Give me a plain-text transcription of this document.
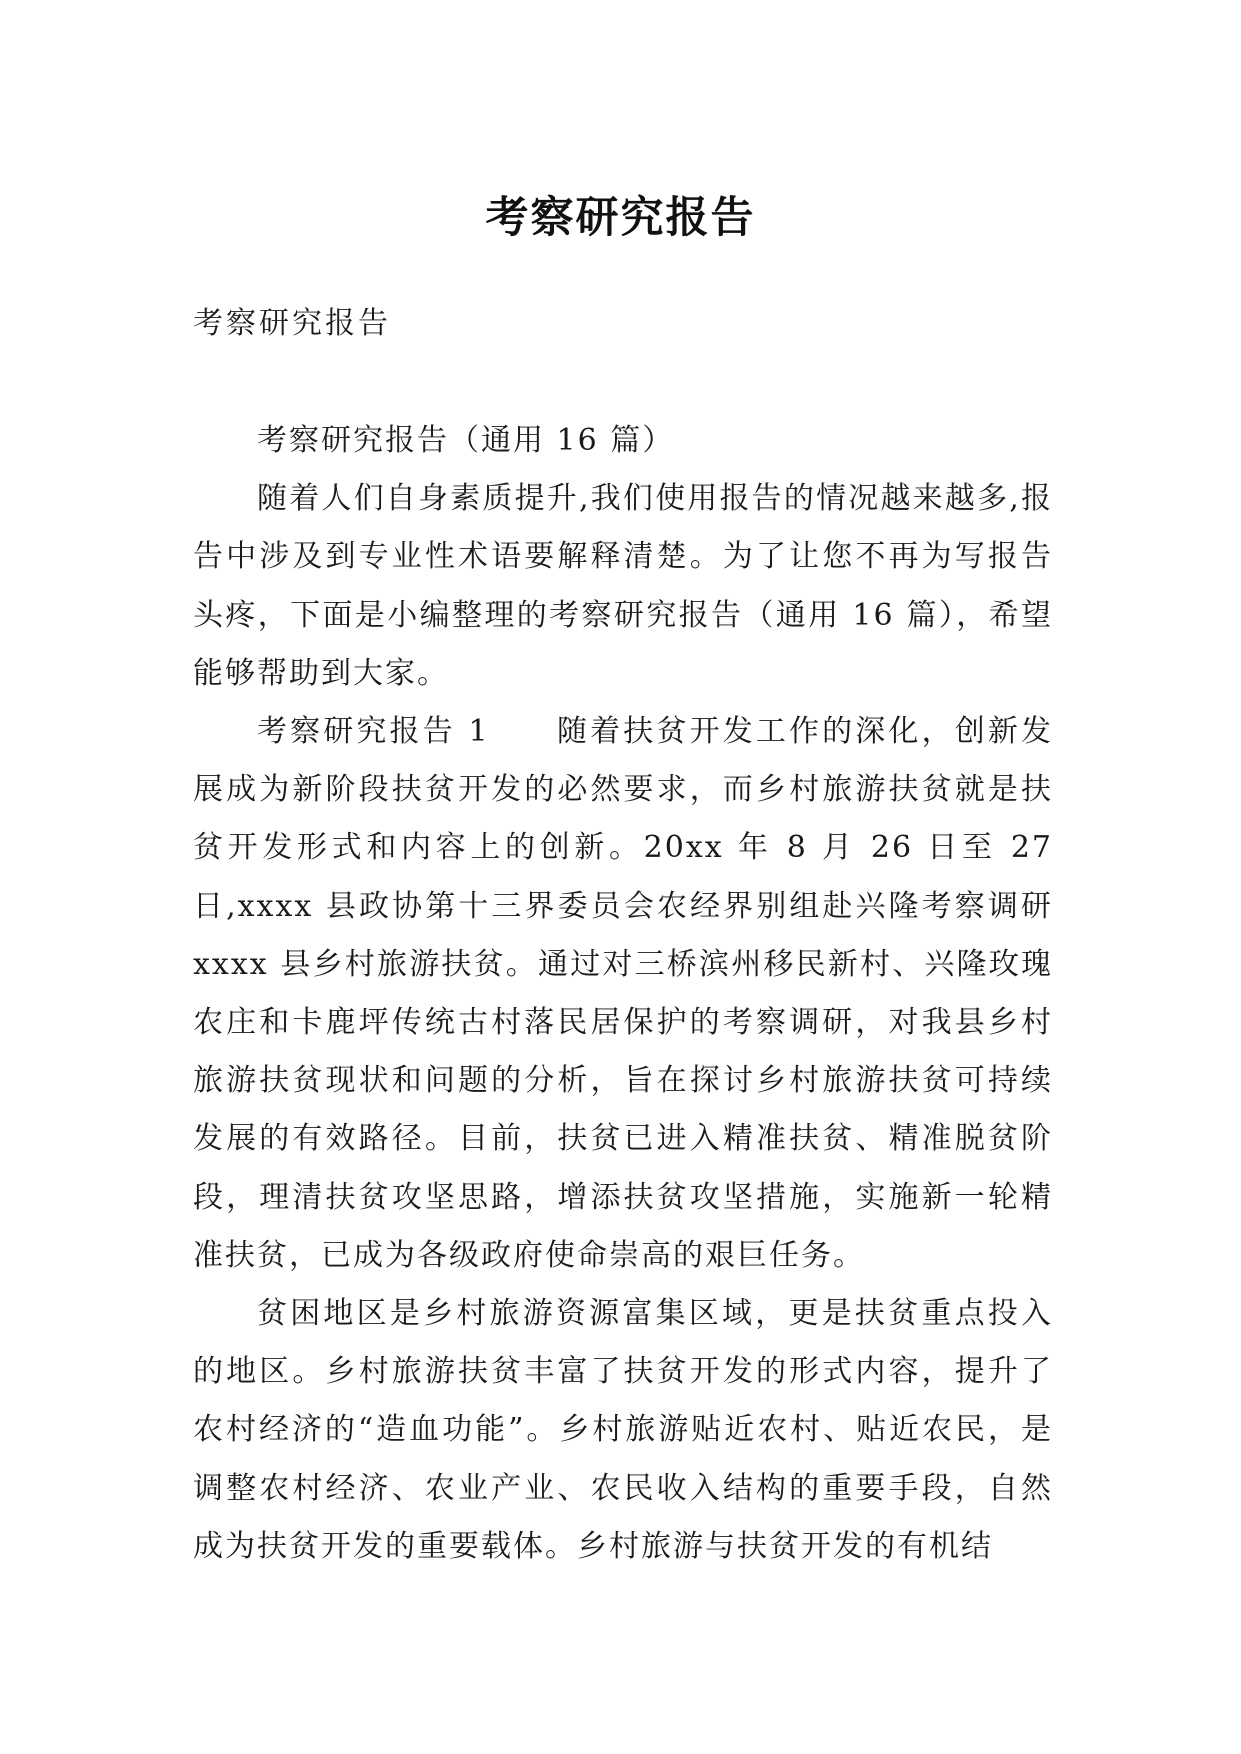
考察研究报告
考察研究报告

考察研究报告（通用 16 篇）

随着人们自身素质提升,我们使用报告的情况越来越多,报告中涉及到专业性术语要解释清楚。为了让您不再为写报告头疼，下面是小编整理的考察研究报告（通用 16 篇），希望能够帮助到大家。

考察研究报告 1　　随着扶贫开发工作的深化，创新发展成为新阶段扶贫开发的必然要求，而乡村旅游扶贫就是扶贫开发形式和内容上的创新。20xx 年 8 月 26 日至 27 日,xxxx 县政协第十三界委员会农经界别组赴兴隆考察调研 xxxx 县乡村旅游扶贫。通过对三桥滨州移民新村、兴隆玫瑰农庄和卡鹿坪传统古村落民居保护的考察调研，对我县乡村旅游扶贫现状和问题的分析，旨在探讨乡村旅游扶贫可持续发展的有效路径。目前，扶贫已进入精准扶贫、精准脱贫阶段，理清扶贫攻坚思路，增添扶贫攻坚措施，实施新一轮精准扶贫，已成为各级政府使命崇高的艰巨任务。

贫困地区是乡村旅游资源富集区域，更是扶贫重点投入的地区。乡村旅游扶贫丰富了扶贫开发的形式内容，提升了农村经济的“造血功能”。乡村旅游贴近农村、贴近农民，是调整农村经济、农业产业、农民收入结构的重要手段，自然成为扶贫开发的重要载体。乡村旅游与扶贫开发的有机结
